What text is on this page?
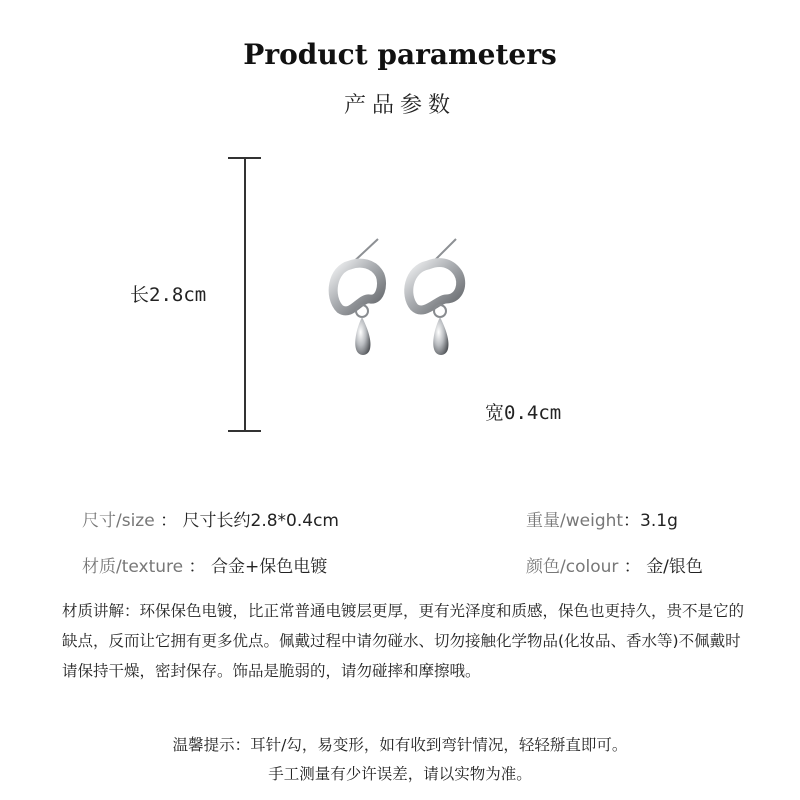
Product parameters
产品参数
长2.8cm
宽0.4cm
尺寸/size ： 尺寸长约2.8*0.4cm	重量/weight：3.1g
材质/texture ： 合金+保色电镀	颜色/colour ： 金/银色
材质讲解：环保保色电镀，比正常普通电镀层更厚，更有光泽度和质感，保色也更持久，贵不是它的缺点，反而让它拥有更多优点。佩戴过程中请勿碰水、切勿接触化学物品(化妆品、香水等)不佩戴时请保持干燥，密封保存。饰品是脆弱的，请勿碰摔和摩擦哦。
温馨提示：耳针/勾，易变形，如有收到弯针情况，轻轻掰直即可。
手工测量有少许误差，请以实物为准。
